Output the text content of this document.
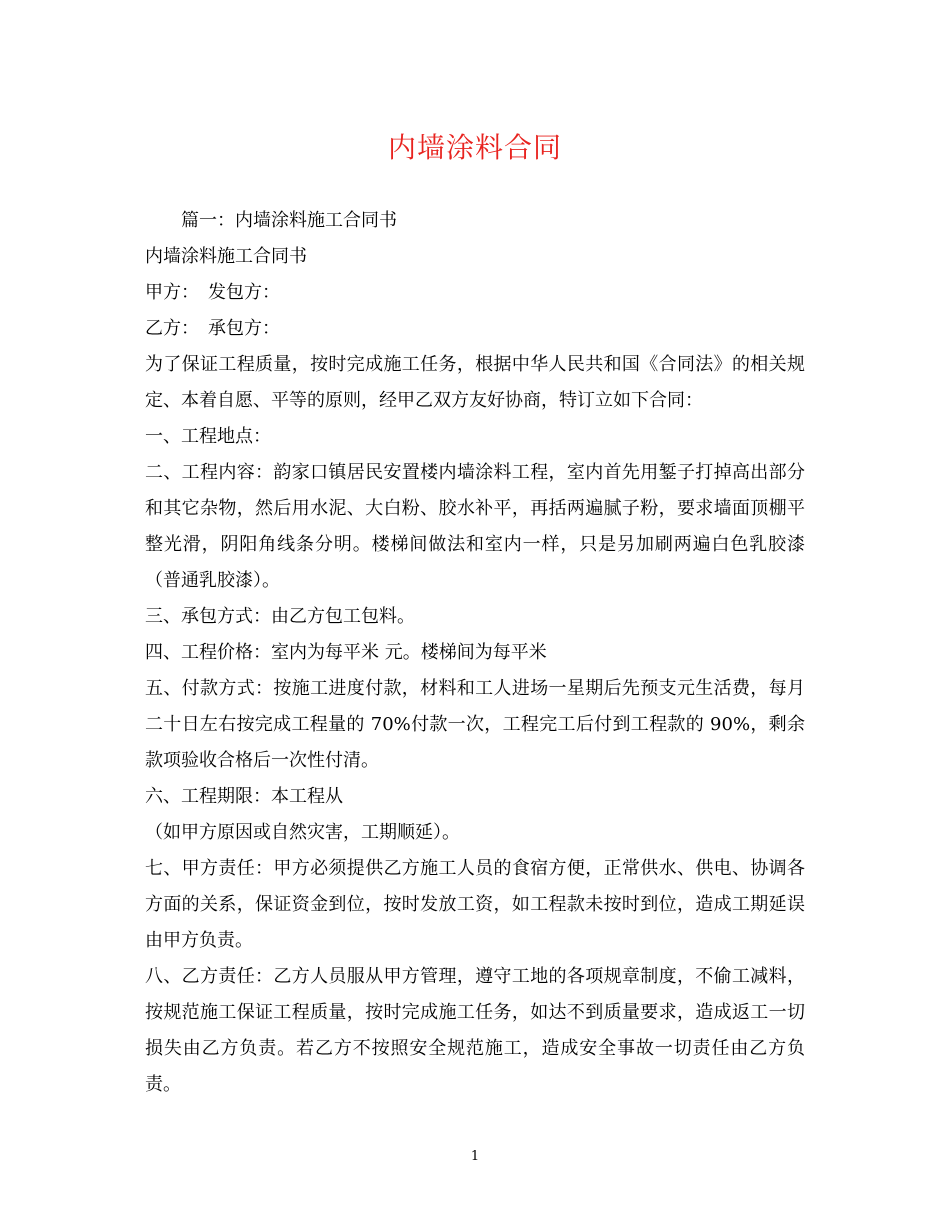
内墙涂料合同

篇一：内墙涂料施工合同书

内墙涂料施工合同书

甲方：　发包方：

乙方：　承包方：

为了保证工程质量，按时完成施工任务，根据中华人民共和国《合同法》的相关规定、本着自愿、平等的原则，经甲乙双方友好协商，特订立如下合同：

一、工程地点：

二、工程内容：韵家口镇居民安置楼内墙涂料工程，室内首先用錾子打掉高出部分和其它杂物，然后用水泥、大白粉、胶水补平，再括两遍腻子粉，要求墙面顶棚平整光滑，阴阳角线条分明。楼梯间做法和室内一样，只是另加刷两遍白色乳胶漆（普通乳胶漆）。

三、承包方式：由乙方包工包料。

四、工程价格：室内为每平米 元。楼梯间为每平米

五、付款方式：按施工进度付款，材料和工人进场一星期后先预支元生活费，每月二十日左右按完成工程量的 70%付款一次，工程完工后付到工程款的 90%，剩余款项验收合格后一次性付清。

六、工程期限：本工程从

（如甲方原因或自然灾害，工期顺延）。

七、甲方责任：甲方必须提供乙方施工人员的食宿方便，正常供水、供电、协调各方面的关系，保证资金到位，按时发放工资，如工程款未按时到位，造成工期延误由甲方负责。

八、乙方责任：乙方人员服从甲方管理，遵守工地的各项规章制度，不偷工减料，按规范施工保证工程质量，按时完成施工任务，如达不到质量要求，造成返工一切损失由乙方负责。若乙方不按照安全规范施工，造成安全事故一切责任由乙方负责。

1
